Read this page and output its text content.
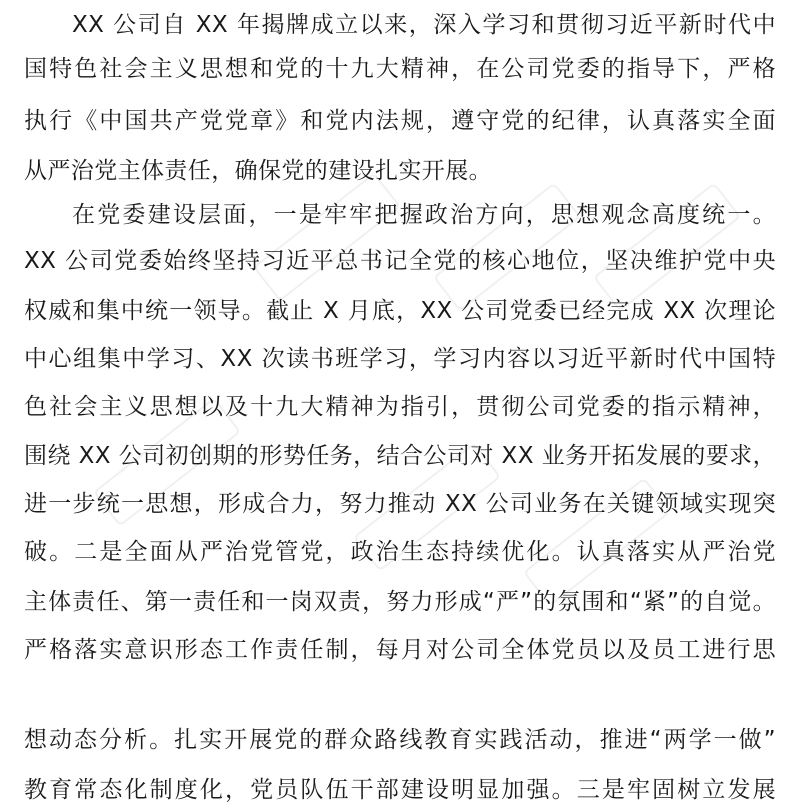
XX 公司自 XX 年揭牌成立以来，深入学习和贯彻习近平新时代中
国特色社会主义思想和党的十九大精神，在公司党委的指导下，严格
执行《中国共产党党章》和党内法规，遵守党的纪律，认真落实全面
从严治党主体责任，确保党的建设扎实开展。
在党委建设层面，一是牢牢把握政治方向，思想观念高度统一。
XX 公司党委始终坚持习近平总书记全党的核心地位，坚决维护党中央
权威和集中统一领导。截止 X 月底，XX 公司党委已经完成 XX 次理论
中心组集中学习、XX 次读书班学习，学习内容以习近平新时代中国特
色社会主义思想以及十九大精神为指引，贯彻公司党委的指示精神，
围绕 XX 公司初创期的形势任务，结合公司对 XX 业务开拓发展的要求，
进一步统一思想，形成合力，努力推动 XX 公司业务在关键领域实现突
破。二是全面从严治党管党，政治生态持续优化。认真落实从严治党
主体责任、第一责任和一岗双责，努力形成“严”的氛围和“紧”的自觉。
严格落实意识形态工作责任制，每月对公司全体党员以及员工进行思
想动态分析。扎实开展党的群众路线教育实践活动，推进“两学一做”
教育常态化制度化，党员队伍干部建设明显加强。三是牢固树立发展
